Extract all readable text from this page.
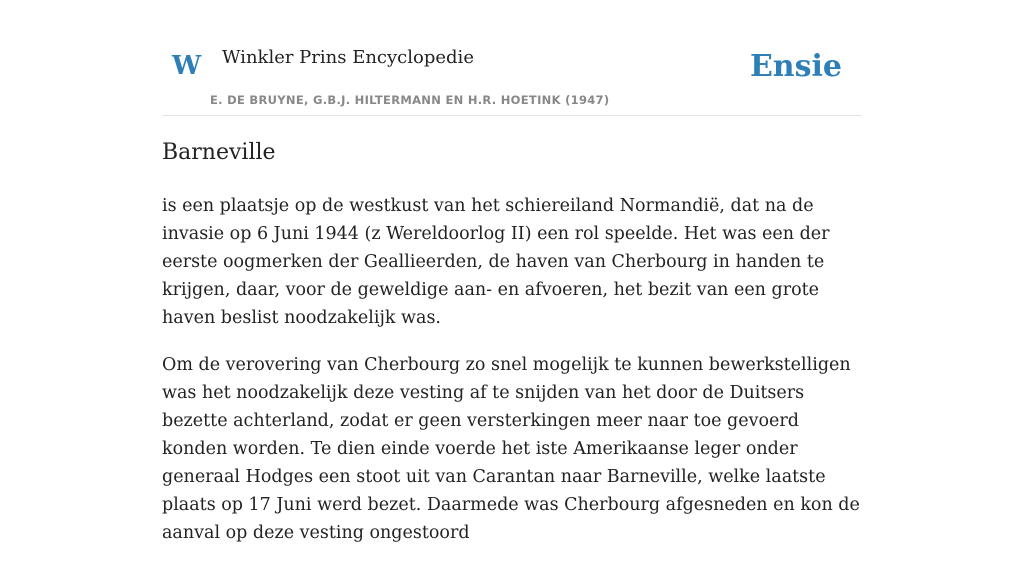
W Winkler Prins Encyclopedie
E. DE BRUYNE, G.B.J. HILTERMANN EN H.R. HOETINK (1947)
Ensie
Barneville

is een plaatsje op de westkust van het schiereiland Normandië, dat na de invasie op 6 Juni 1944 (z Wereldoorlog II) een rol speelde. Het was een der eerste oogmerken der Geallieerden, de haven van Cherbourg in handen te krijgen, daar, voor de geweldige aan- en afvoeren, het bezit van een grote haven beslist noodzakelijk was.

Om de verovering van Cherbourg zo snel mogelijk te kunnen bewerkstelligen was het noodzakelijk deze vesting af te snijden van het door de Duitsers bezette achterland, zodat er geen versterkingen meer naar toe gevoerd konden worden. Te dien einde voerde het iste Amerikaanse leger onder generaal Hodges een stoot uit van Carantan naar Barneville, welke laatste plaats op 17 Juni werd bezet. Daarmede was Cherbourg afgesneden en kon de aanval op deze vesting ongestoord
